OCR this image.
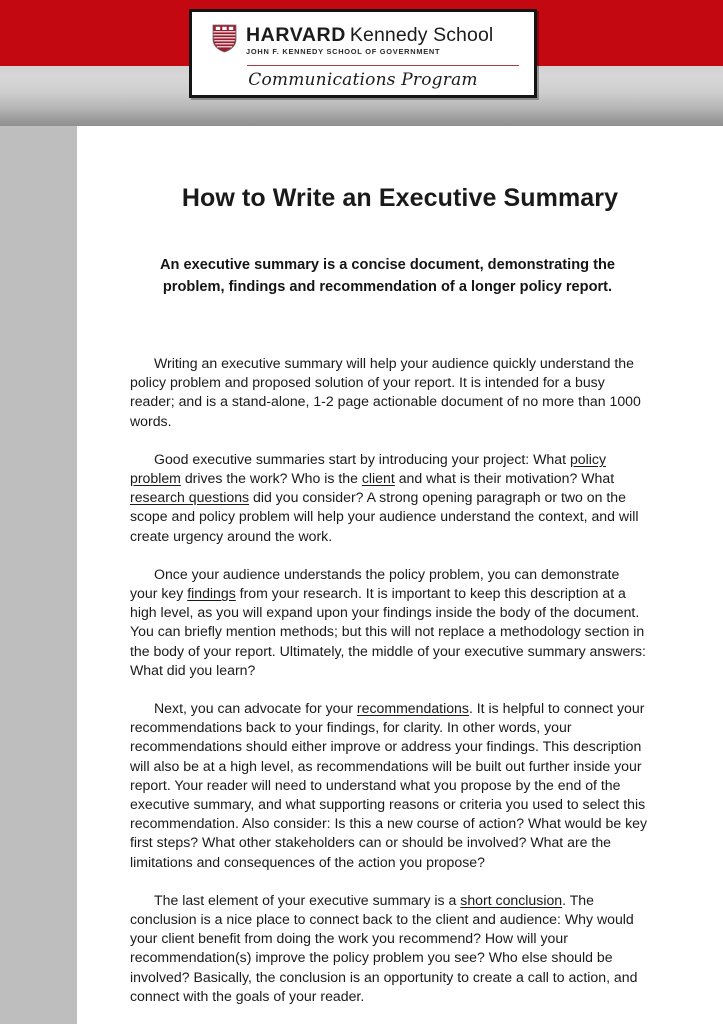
HARVARD Kennedy School
JOHN F. KENNEDY SCHOOL OF GOVERNMENT
Communications Program
How to Write an Executive Summary
An executive summary is a concise document, demonstrating the problem, findings and recommendation of a longer policy report.

Writing an executive summary will help your audience quickly understand the policy problem and proposed solution of your report. It is intended for a busy reader; and is a stand-alone, 1-2 page actionable document of no more than 1000 words.

Good executive summaries start by introducing your project: What policy problem drives the work? Who is the client and what is their motivation? What research questions did you consider? A strong opening paragraph or two on the scope and policy problem will help your audience understand the context, and will create urgency around the work.

Once your audience understands the policy problem, you can demonstrate your key findings from your research. It is important to keep this description at a high level, as you will expand upon your findings inside the body of the document. You can briefly mention methods; but this will not replace a methodology section in the body of your report. Ultimately, the middle of your executive summary answers: What did you learn?

Next, you can advocate for your recommendations. It is helpful to connect your recommendations back to your findings, for clarity. In other words, your recommendations should either improve or address your findings. This description will also be at a high level, as recommendations will be built out further inside your report. Your reader will need to understand what you propose by the end of the executive summary, and what supporting reasons or criteria you used to select this recommendation. Also consider: Is this a new course of action? What would be key first steps? What other stakeholders can or should be involved? What are the limitations and consequences of the action you propose?

The last element of your executive summary is a short conclusion. The conclusion is a nice place to connect back to the client and audience: Why would your client benefit from doing the work you recommend? How will your recommendation(s) improve the policy problem you see? Who else should be involved? Basically, the conclusion is an opportunity to create a call to action, and connect with the goals of your reader.
